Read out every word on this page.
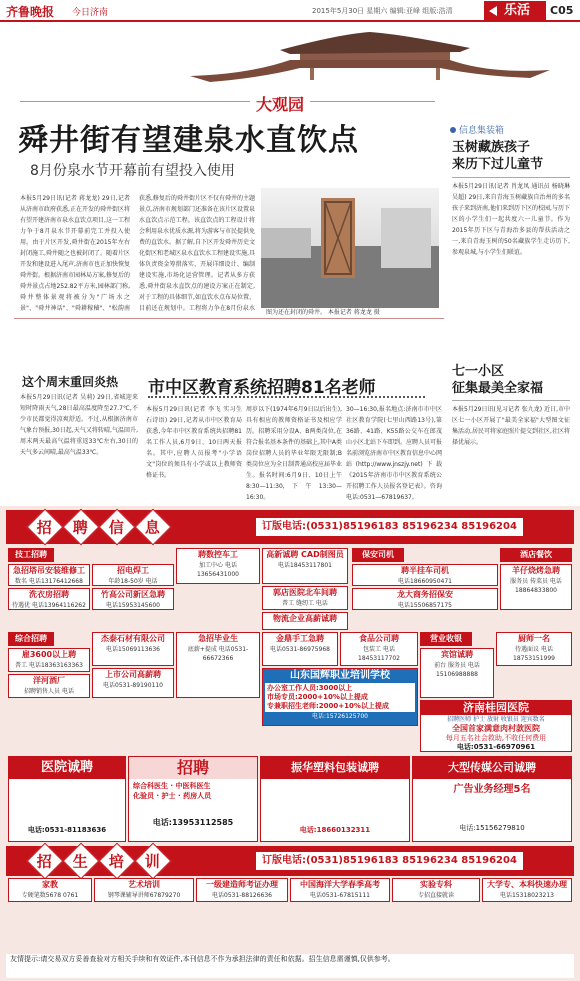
齐鲁晚报 今日济南	2015年5月30日 星期六 编辑:亚峰 组版:浩清	乐活	C05
大观园
舜井街有望建泉水直饮点
8月份泉水节开幕前有望投入使用
本报5月29日讯(记者 蒋龙龙) 29日,记者从济南市政府获悉,正在开发的舜井街区将有望开建济南市泉水直饮点项目,这一工程力争于8月泉水节开幕前完工并投入使用。由于片区开发,舜井街在2015年左右封闭施工,舜井随之也被封闭了。随着片区开发和建设进入尾声,济南市也正加快恢复舜井街。根据济南市园林局方案,修复后的舜井景点占地252.82平方米,园林部门称,舜井整体景观将被分为"广场水之景"、"舜井神话"、"舜耕稼穑"、"松韵南
获悉,修复后的舜井街片区不仅有舜井的主题景点,济南市规划部门还准备在该片区设置泉水直饮点示范工程。该直饮点的工程设计将会利用泉水优质水源,将为游客与市民提供免费的直饮水。据了解,自下区开发舜井历史文化街区和老城区泉水直饮水工程建设实施,具体负责资金筹措落实、开展详细设计、编制建设实施,市场化运营管理。记者从多方获悉,舜井街泉水直饮点的建设方案正在制定,对于工程的具体细节,如直饮水点布局位置、目前还在规划中。工程将力争在8月份泉水
图为还在封闭的舜井。 本报记者 蒋龙龙 摄
信息集装箱
玉树藏族孩子
来历下过儿童节
本报5月29日讯(记者 肖龙凤 通讯员 杨晓琳 吴超) 29日,来自青海玉树藏族自治州的多名孩子来到济南,他们来到历下区的校园,与历下区的小学生们一起共度六一儿童节。作为2015年历下区与青海治多县的帮扶活动之一,来自青海玉树的50名藏族学生走访历下,参观泉城,与小学生们联谊。
七一小区
征集最美全家福
本报5月29日讯(见习记者 张九龙) 近日,市中区七一小区开展了"最美全家福"大型图文征集活动,居民可将家庭照片提交到社区,社区将择优展示。
这个周末重回炎热
本报5月29日讯(记者 吴莉) 29日,省城迎来短时降雨天气,28日最高温度降至27.7℃,不少市民都觉得凉爽舒适。不过,从根据济南市气象台预报,30日起,天气又将转晴,气温回升,周末两天最高气温将重返33℃左右,30日的天气多云间晴,最高气温33℃。
市中区教育系统招聘81名老师
本报5月29日讯(记者 李飞 实习生 石诗语) 29日,记者从市中区教育局获悉,今年市中区教育系统共招聘81名工作人员,6月9日、10日两天报名。其中,应聘人员报考"小学语文"岗位的须具有小学或以上教师资格证书。
周岁以下(1974年6月9日以后出生),具有相应的教师资格证书及相应学历。招聘采用分设A、B两类岗位,在符合报名基本条件的基础上,其中A类岗位招聘人员的毕业年限无限制;B类岗位应为全日制普通高校应届毕业生。报名时间:6月9日、10日上午8:30—11:30,下午13:30—16:30。
30—16:30,报名地点:济南市市中区社区教育学院(七里山西路13号),第36路、41路、K55路公交车在郎茂山小区北站下车即到。应聘人员可报名前浏览济南市中区教育信息中心网站(http://www.jnszjy.net)下载《2015年济南市市中区教育系统公开招聘工作人员报名登记表》。咨询电话:0531—67819637。
招 聘 信 息	订版电话:(0531)85196183 85196234 85196204
技工招聘	保安司机	酒店餐饮
综合招聘	营业收银
急招塔吊安装维修工
数名 电话13176412668
招电焊工
年龄18-50岁 电话
洗衣房招聘
待遇优 电话13964116262
竹高公司新区急聘
电话15953145600
聘数控车工
加工中心 电话13656431000
高新诚聘 CAD制图员
电话18453117801
郭店医院北车间聘
普工 缝纫工 电话
物流企业高薪诚聘
聘半挂车司机
电话18660950471
龙大商务招保安
电话15506857175
羊仔烧烤急聘
服务员 传菜员 电话18864833800
雇3600以上聘
普工 电话18363163363
洋河酒厂
招聘销售人员 电话
杰泰石材有限公司
电话15069113636
上市公司高薪聘
电话0531-89190110
急招毕业生
底薪+提成 电话0531-66672366
金鼎手工急聘
电话0531-86975968
食品公司聘
包装工 电话18453117702	宾馆诚聘
前台 服务员 电话15106988888
厨师一名
待遇面议 电话18753151999
山东国辉职业培训学校
办公室工作人员:3000以上
市场专员:2000+10%以上提成
专兼职招生老师:2000+10%以上提成
电话:15726125700
济南桂园医院
招聘医师 护士 放射 收银员 迎宾数名
全国首家满意肉村款医院
每月五名社会救助,不收任何费用
电话:0531-66970961
医院诚聘
电话:0531-81183636
招聘
综合科医生 · 中医科医生
化验员 · 护士 · 药房人员
电话:13953112585
振华塑料包装诚聘
电话:18660132311
大型传媒公司诚聘
广告业务经理5名
电话:15156279810
招 生 培 训	订版电话:(0531)85196183 85196234 85196204
家教
专硬笔数5678 0761
艺术培训
钢琴课辅导讲师67879270
一级建造师考证办理
电话0531-88126636
中国海洋大学春季高考
电话0531-67815111
实验专科
专招直接就读
大学专、本科快速办理
电话15318023213
友情提示:请交易双方妥善查验对方相关手续和有效证件,本刊信息不作为承担法律的责任和依据。招生信息需谨慎,仅供参考。
